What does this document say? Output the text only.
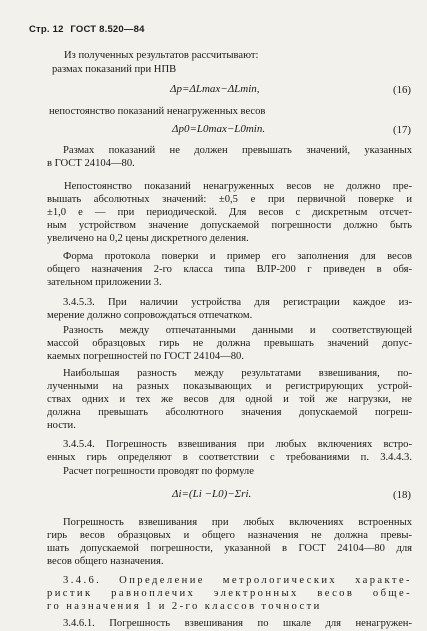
Стр. 12 ГОСТ 8.520—84
Из полученных результатов рассчитывают:
размах показаний при НПВ
Δр=ΔLmax−ΔLmin,	(16)
непостоянство показаний ненагруженных весов
Δр0=L0max−L0min.	(17)
Размах показаний не должен превышать значений, указанных
в ГОСТ 24104—80.
Непостоянство показаний ненагруженных весов не должно пре-
вышать абсолютных значений: ±0,5 e при первичной поверке и
±1,0 e — при периодической. Для весов с дискретным отсчет-
ным устройством значение допускаемой погрешности должно быть
увеличено на 0,2 цены дискретного деления.
Форма протокола поверки и пример его заполнения для весов
общего назначения 2-го класса типа ВЛР-200 г приведен в обя-
зательном приложении 3.
3.4.5.3. При наличии устройства для регистрации каждое из-
мерение должно сопровождаться отпечатком.
Разность между отпечатанными данными и соответствующей
массой образцовых гирь не должна превышать значений допус-
каемых погрешностей по ГОСТ 24104—80.
Наибольшая разность между результатами взвешивания, по-
лученными на разных показывающих и регистрирующих устрой-
ствах одних и тех же весов для одной и той же нагрузки, не
должна превышать абсолютного значения допускаемой погреш-
ности.
3.4.5.4. Погрешность взвешивания при любых включениях встро-
енных гирь определяют в соответствии с требованиями п. 3.4.4.3.
Расчет погрешности проводят по формуле
Δi=(Li −L0)−Σri.	(18)
Погрешность взвешивания при любых включениях встроенных
гирь весов образцовых и общего назначения не должна превы-
шать допускаемой погрешности, указанной в ГОСТ 24104—80 для
весов общего назначения.
3.4.6. Определение метрологических характе-
ристик равноплечих электронных весов обще-
го назначения 1 и 2-го классов точности
3.4.6.1. Погрешность взвешивания по шкале для ненагружен-
